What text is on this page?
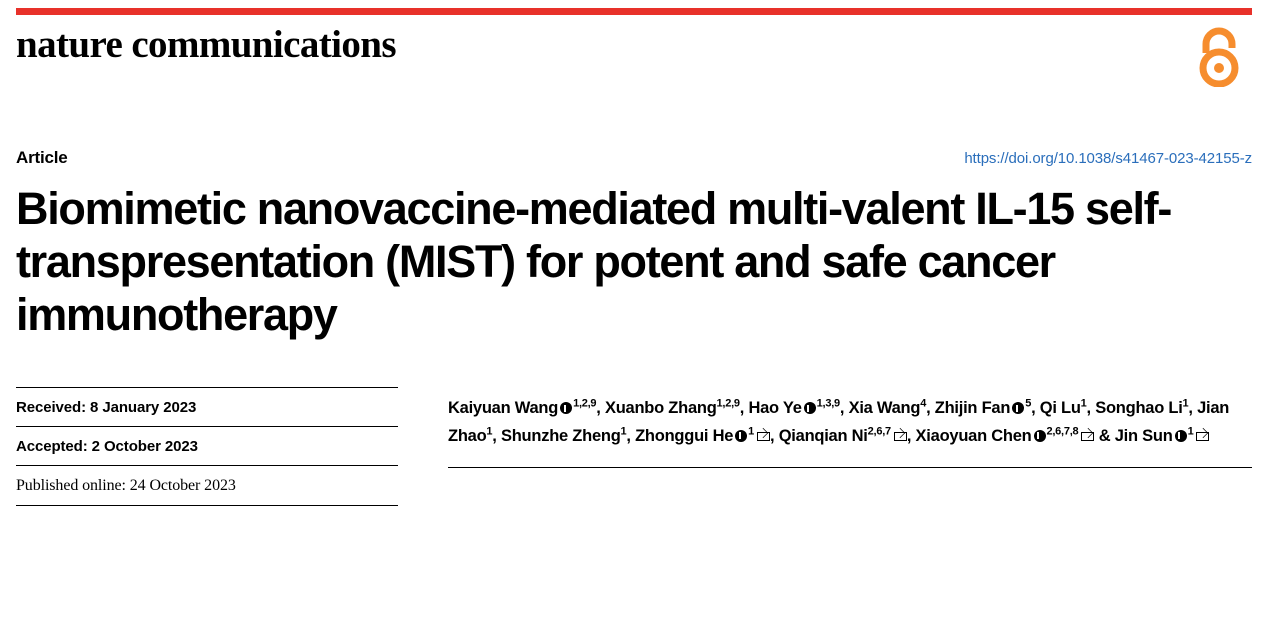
nature communications
Article	https://doi.org/10.1038/s41467-023-42155-z
Biomimetic nanovaccine-mediated multi-valent IL-15 self-transpresentation (MIST) for potent and safe cancer immunotherapy
Received: 8 January 2023
Accepted: 2 October 2023
Published online: 24 October 2023
Kaiyuan Wang $^{1,2,9}$, Xuanbo Zhang$^{1,2,9}$, Hao Ye $^{1,3,9}$, Xia Wang$^4$, Zhijin Fan $^5$, Qi Lu$^1$, Songhao Li$^1$, Jian Zhao$^1$, Shunzhe Zheng$^1$, Zhonggui He $^1$ , Qianqian Ni$^{2,6,7}$ , Xiaoyuan Chen $^{2,6,7,8}$ & Jin Sun $^1$
